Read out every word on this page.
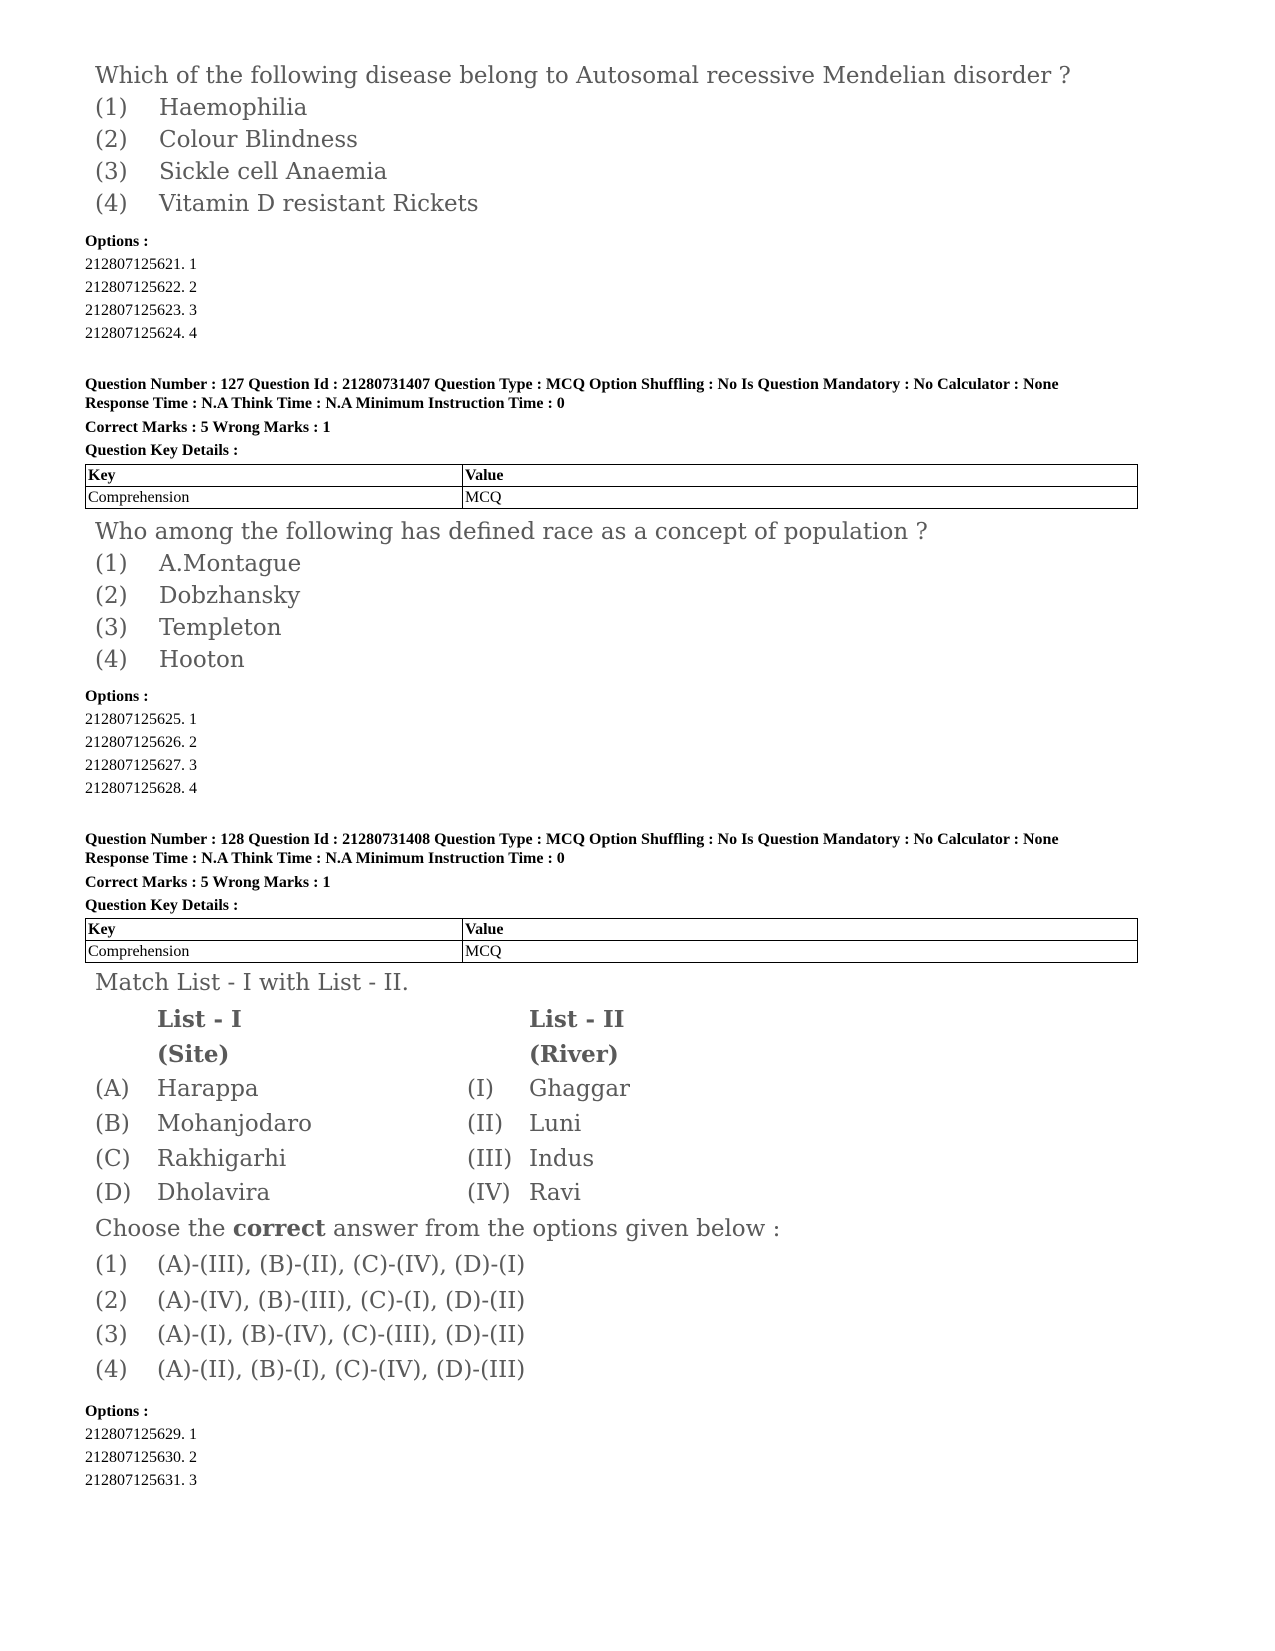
Which of the following disease belong to Autosomal recessive Mendelian disorder ?
(1)	Haemophilia
(2)	Colour Blindness
(3)	Sickle cell Anaemia
(4)	Vitamin D resistant Rickets
Options :
212807125621. 1
212807125622. 2
212807125623. 3
212807125624. 4
Question Number : 127 Question Id : 21280731407 Question Type : MCQ Option Shuffling : No Is Question Mandatory : No Calculator : None
Response Time : N.A Think Time : N.A Minimum Instruction Time : 0
Correct Marks : 5 Wrong Marks : 1
Question Key Details :
Key	Value
Comprehension	MCQ
Who among the following has defined race as a concept of population ?
(1)	A.Montague
(2)	Dobzhansky
(3)	Templeton
(4)	Hooton
Options :
212807125625. 1
212807125626. 2
212807125627. 3
212807125628. 4
Question Number : 128 Question Id : 21280731408 Question Type : MCQ Option Shuffling : No Is Question Mandatory : No Calculator : None
Response Time : N.A Think Time : N.A Minimum Instruction Time : 0
Correct Marks : 5 Wrong Marks : 1
Question Key Details :
Key	Value
Comprehension	MCQ
Match List - I with List - II.
List - I	List - II
(Site)	(River)
(A) Harappa	(I) Ghaggar
(B) Mohanjodaro	(II) Luni
(C) Rakhigarhi	(III) Indus
(D) Dholavira	(IV) Ravi
Choose the correct answer from the options given below :
(1) (A)-(III), (B)-(II), (C)-(IV), (D)-(I)
(2) (A)-(IV), (B)-(III), (C)-(I), (D)-(II)
(3) (A)-(I), (B)-(IV), (C)-(III), (D)-(II)
(4) (A)-(II), (B)-(I), (C)-(IV), (D)-(III)
Options :
212807125629. 1
212807125630. 2
212807125631. 3
